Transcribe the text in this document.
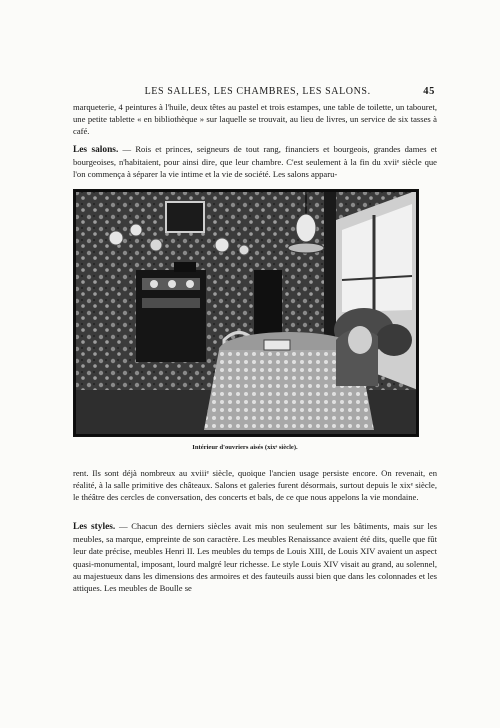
LES SALLES, LES CHAMBRES, LES SALONS.	45

marqueterie, 4 peintures à l'huile, deux têtes au pastel et trois estampes, une table de toilette, un tabouret, une petite tablette « en bibliothèque » sur laquelle se trouvait, au lieu de livres, un service de six tasses à café.

Les salons. — Rois et princes, seigneurs de tout rang, financiers et bourgeois, grandes dames et bourgeoises, n'habitaient, pour ainsi dire, que leur chambre. C'est seulement à la fin du xviiᵉ siècle que l'on commença à séparer la vie intime et la vie de société. Les salons apparu-

Intérieur d'ouvriers aisés (xixᵉ siècle).

rent. Ils sont déjà nombreux au xviiiᵉ siècle, quoique l'ancien usage persiste encore. On revenait, en réalité, à la salle primitive des châteaux. Salons et galeries furent désormais, surtout depuis le xixᵉ siècle, le théâtre des cercles de conversation, des concerts et bals, de ce que nous appelons la vie mondaine.

Les styles. — Chacun des derniers siècles avait mis non seulement sur les bâtiments, mais sur les meubles, sa marque, empreinte de son caractère. Les meubles Renaissance avaient été dits, quelle que fût leur date précise, meubles Henri II. Les meubles du temps de Louis XIII, de Louis XIV avaient un aspect quasi-monumental, imposant, lourd malgré leur richesse. Le style Louis XIV visait au grand, au solennel, au majestueux dans les dimensions des armoires et des fauteuils aussi bien que dans les colonnades et les attiques. Les meubles de Boulle se
